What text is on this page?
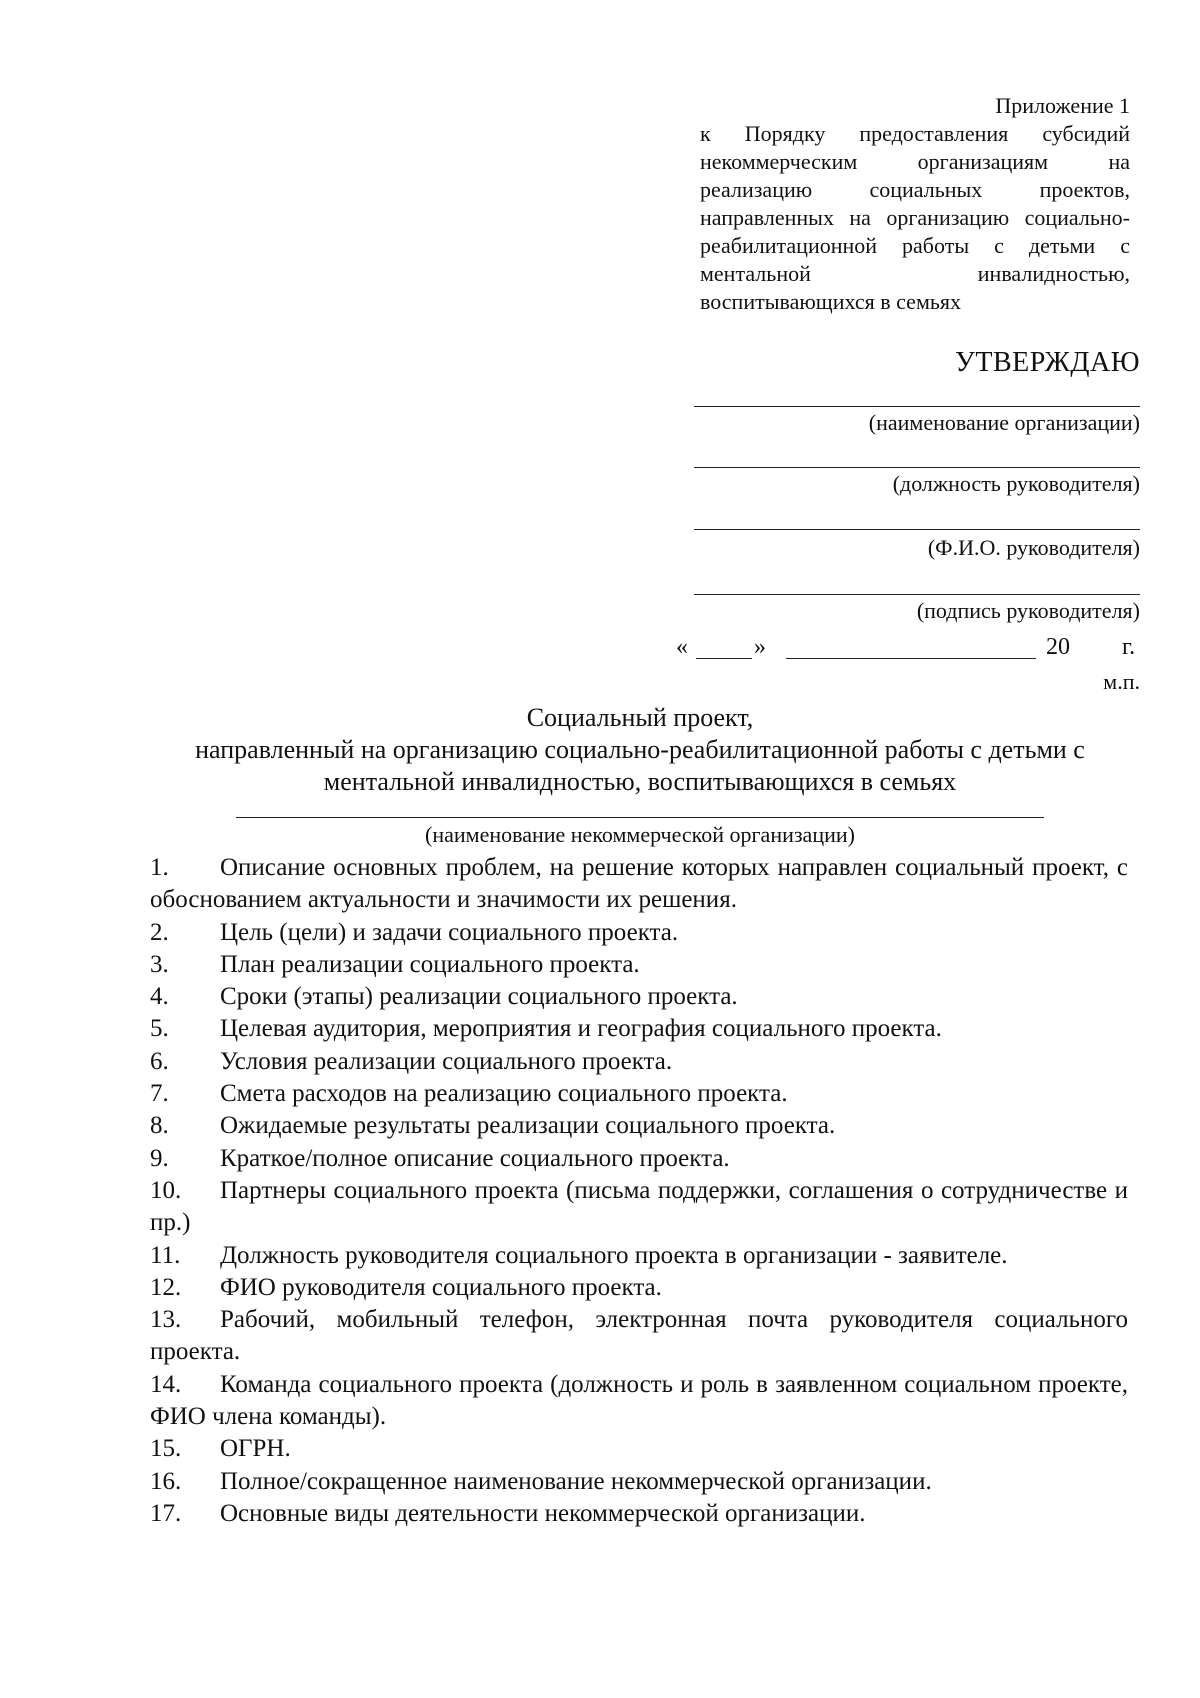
Приложение 1
к Порядку предоставления субсидий некоммерческим организациям на реализацию социальных проектов, направленных на организацию социально-реабилитационной работы с детьми с ментальной инвалидностью, воспитывающихся в семьях
УТВЕРЖДАЮ
(наименование организации)
(должность руководителя)
(Ф.И.О. руководителя)
(подпись руководителя)
«	»	20 г.
м.п.
Социальный проект,
направленный на организацию социально-реабилитационной работы с детьми с ментальной инвалидностью, воспитывающихся в семьях
(наименование некоммерческой организации)
1. Описание основных проблем, на решение которых направлен социальный проект, с обоснованием актуальности и значимости их решения.
2. Цель (цели) и задачи социального проекта.
3. План реализации социального проекта.
4. Сроки (этапы) реализации социального проекта.
5. Целевая аудитория, мероприятия и география социального проекта.
6. Условия реализации социального проекта.
7. Смета расходов на реализацию социального проекта.
8. Ожидаемые результаты реализации социального проекта.
9. Краткое/полное описание социального проекта.
10. Партнеры социального проекта (письма поддержки, соглашения о сотрудничестве и пр.)
11. Должность руководителя социального проекта в организации - заявителе.
12. ФИО руководителя социального проекта.
13. Рабочий, мобильный телефон, электронная почта руководителя социального проекта.
14. Команда социального проекта (должность и роль в заявленном социальном проекте, ФИО члена команды).
15. ОГРН.
16. Полное/сокращенное наименование некоммерческой организации.
17. Основные виды деятельности некоммерческой организации.
